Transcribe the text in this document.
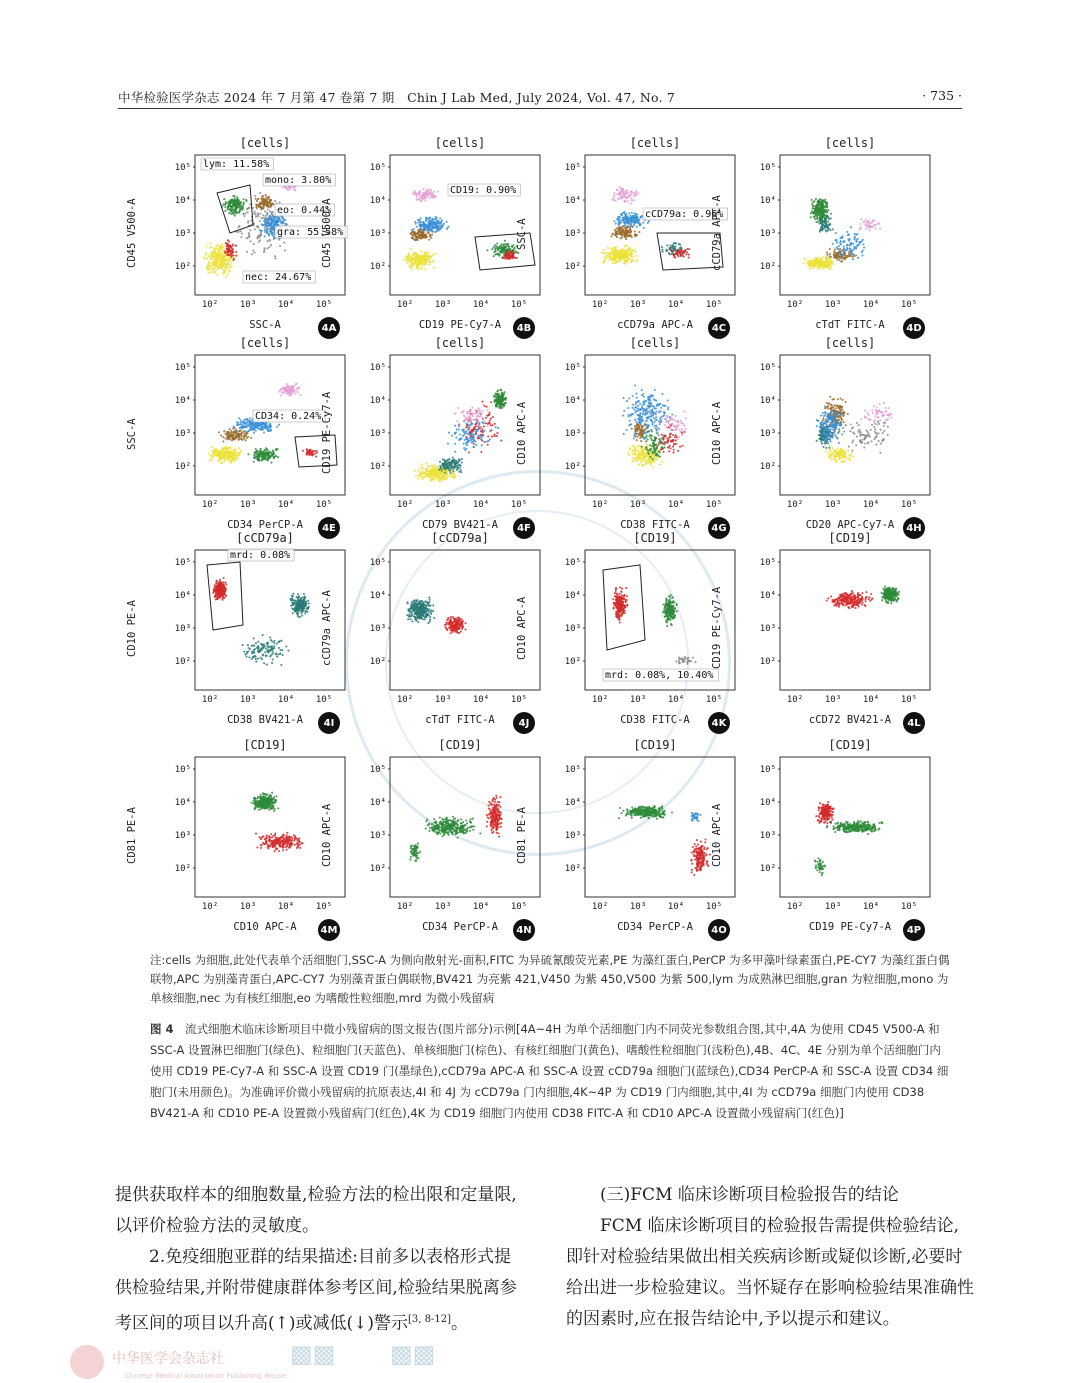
中华检验医学杂志 2024 年 7 月第 47 卷第 7 期　Chin J Lab Med, July 2024, Vol. 47, No. 7	· 735 ·
[cells]
CD45 V500-A
SSC-A	4A
10⁵
10⁴
10³
10²
10² 10³ 10⁴ 10⁵
lym: 11.58%
mono: 3.80%
eo: 0.44%
gra: 55.58%
nec: 24.67%
[cells]
CD45 V500-A
CD19 PE-Cy7-A	4B
10⁵
10⁴
10³
10²
10² 10³ 10⁴ 10⁵
CD19: 0.90%
[cells]
SSC-A
cCD79a APC-A	4C
10⁵
10⁴
10³
10²
10² 10³ 10⁴ 10⁵
cCD79a: 0.96%
[cells]
cCD79a APC-A
cTdT FITC-A	4D
10⁵
10⁴
10³
10²
10² 10³ 10⁴ 10⁵
[cells]
SSC-A
CD34 PerCP-A	4E
10⁵
10⁴
10³
10²
10² 10³ 10⁴ 10⁵
CD34: 0.24%
[cells]
CD19 PE-Cy7-A
CD79 BV421-A	4F
10⁵
10⁴
10³
10²
10² 10³ 10⁴ 10⁵
[cells]
CD10 APC-A
CD38 FITC-A	4G
10⁵
10⁴
10³
10²
10² 10³ 10⁴ 10⁵
[cells]
CD10 APC-A
CD20 APC-Cy7-A	4H
10⁵
10⁴
10³
10²
10² 10³ 10⁴ 10⁵
[cCD79a]
CD10 PE-A
CD38 BV421-A	4I
10⁵
10⁴
10³
10²
10² 10³ 10⁴ 10⁵
mrd: 0.08%
[cCD79a]
cCD79a APC-A
cTdT FITC-A	4J
10⁵
10⁴
10³
10²
10² 10³ 10⁴ 10⁵
[CD19]
CD10 APC-A
CD38 FITC-A	4K
10⁵
10⁴
10³
10²
10² 10³ 10⁴ 10⁵
mrd: 0.08%, 10.40%
[CD19]
CD19 PE-Cy7-A
cCD72 BV421-A	4L
10⁵
10⁴
10³
10²
10² 10³ 10⁴ 10⁵
[CD19]
CD81 PE-A
CD10 APC-A	4M
10⁵
10⁴
10³
10²
10² 10³ 10⁴ 10⁵
[CD19]
CD10 APC-A
CD34 PerCP-A	4N
10⁵
10⁴
10³
10²
10² 10³ 10⁴ 10⁵
[CD19]
CD81 PE-A
CD34 PerCP-A	4O
10⁵
10⁴
10³
10²
10² 10³ 10⁴ 10⁵
[CD19]
CD10 APC-A
CD19 PE-Cy7-A	4P
10⁵
10⁴
10³
10²
10² 10³ 10⁴ 10⁵
注:cells 为细胞,此处代表单个活细胞门,SSC-A 为侧向散射光-面积,FITC 为异硫氰酸荧光素,PE 为藻红蛋白,PerCP 为多甲藻叶绿素蛋白,PE-CY7 为藻红蛋白偶联物,APC 为别藻青蛋白,APC-CY7 为别藻青蛋白偶联物,BV421 为亮紫 421,V450 为紫 450,V500 为紫 500,lym 为成熟淋巴细胞,gran 为粒细胞,mono 为单核细胞,nec 为有核红细胞,eo 为嗜酸性粒细胞,mrd 为微小残留病
图 4　流式细胞术临床诊断项目中微小残留病的图文报告(图片部分)示例[4A~4H 为单个活细胞门内不同荧光参数组合图,其中,4A 为使用 CD45 V500-A 和 SSC-A 设置淋巴细胞门(绿色)、粒细胞门(天蓝色)、单核细胞门(棕色)、有核红细胞门(黄色)、嗜酸性粒细胞门(浅粉色),4B、4C、4E 分别为单个活细胞门内使用 CD19 PE-Cy7-A 和 SSC-A 设置 CD19 门(墨绿色),cCD79a APC-A 和 SSC-A 设置 cCD79a 细胞门(蓝绿色),CD34 PerCP-A 和 SSC-A 设置 CD34 细胞门(未用颜色)。为准确评价微小残留病的抗原表达,4I 和 4J 为 cCD79a 门内细胞,4K~4P 为 CD19 门内细胞,其中,4I 为 cCD79a 细胞门内使用 CD38 BV421-A 和 CD10 PE-A 设置微小残留病门(红色),4K 为 CD19 细胞门内使用 CD38 FITC-A 和 CD10 APC-A 设置微小残留病门(红色)]

提供获取样本的细胞数量,检验方法的检出限和定量限,以评价检验方法的灵敏度。

2.免疫细胞亚群的结果描述:目前多以表格形式提供检验结果,并附带健康群体参考区间,检验结果脱离参考区间的项目以升高(↑)或减低(↓)警示[3, 8-12]。

(三)FCM 临床诊断项目检验报告的结论

FCM 临床诊断项目的检验报告需提供检验结论,即针对检验结果做出相关疾病诊断或疑似诊断,必要时给出进一步检验建议。当怀疑存在影响检验结果准确性的因素时,应在报告结论中,予以提示和建议。

中华医学会杂志社
Chinese Medical Association Publishing House
▩▩ ▩▩
